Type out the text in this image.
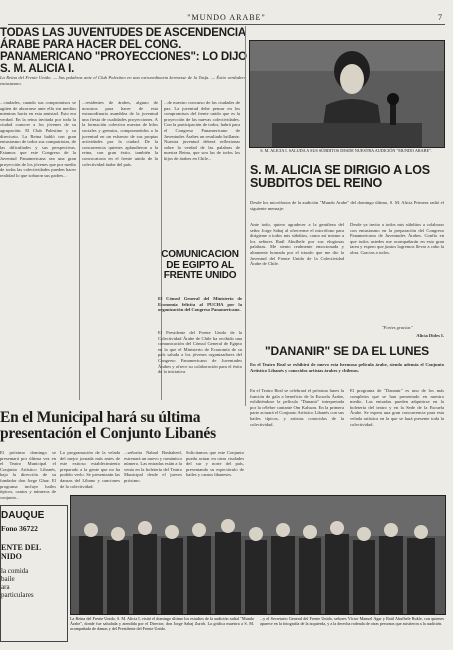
"MUNDO ARABE"	7
TODAS LAS JUVENTUDES DE ASCENDENCIA ÁRABE PARA HACER DEL CONG. PANAMERICANO "PROYECCIONES": LO DIJO S. M. ALICIA I.
La Reina del Frente Unido. — Sus palabras ante el Club Palestino en una extraordinaria kermesse de la Tasfa. — Éxito verdadero entusiasmo.
...ciudades, cuando sus compromisos se agiten de ahorrarse ante ella sin medios mientras hacía en esta amistad. Esto era verdad. En la reina invitada por toda la ciudad conocer a los jóvenes de su agrupación. El Club Palestino y su directorio. La Reina habló con gran entusiasmo de todos sus compatriotas, de las dificultades y sus perspectivas. Estamos que este Congreso de la Juventud Panamericana sea una gran proyección de los jóvenes que por medio de todas las colectividades pueden hacer realidad lo que soñaron sus padres...
...residentes de árabes, alguno de nosotros para hacer de esta extraordinaria asamblea de la juventud una fiesta de cualidades proyecciones. A la formación colectiva nuestra de hilos sociales y gremios, comprometidos a la juventud en un esfuerzo de sus propias actividades por la ciudad. De la concurrencia quienes aplaudieron a la reina, con gran éxito, también la convocatoria en el frente unido de la colectividad árabe del país.
...de nuestro concurso de las ciudades de paz. La juventud debe pensar en los compromisos del frente unido que es la proyección de las nuevas colectividades. Con la participación de todos, habrá para el Congreso Panamericano de Juventudes Árabes un resultado brillante. Nuestra juventud deberá reflexionar sobre la verdad de las palabras de nuestra Reina, que son las de todos los hijos de árabes en Chile...
S. M. ALICIA I. SALUDA A SUS SÚBDITOS DESDE NUESTRA AUDICIÓN "MUNDO ARABE".
S. M. ALICIA SE DIRIGIO A LOS SUBDITOS DEL REINO
Desde los micrófonos de la audición "Mundo Arabe" del domingo último, S. M. Alicia Primera radió el siguiente mensaje:
Ante todo, quiero agradecer a la gentileza del señor Jorge Sabaj al ofrecerme el micrófono para dirigirme a todos mis súbditos, como así mismo a los señores Raúl Abufhele por sus elogiosas palabras. Me siento realmente emocionada y altamente honrada por el triunfo que me dio la Juventud del Frente Unido de la Colectividad Árabe de Chile.
Desde ya invito a todos mis súbditos a colaborar con entusiasmo en la preparación del Congreso Panamericano de Juventudes Árabes. Confío en que todos ustedes me acompañarán en esta gran tarea y espero que juntos logremos llevar a cabo la obra. Gracias a todos.
"Fortes gracias"
Alicia Dides I.
COMUNICACION DE EGIPTO AL FRENTE UNIDO
El Cónsul General del Ministerio de Economía felicita al PUCHA por la organización del Congreso Panamericano.
El Presidente del Frente Unido de la Colectividad Árabe de Chile ha recibido una comunicación del Cónsul General de Egipto en la que el Ministerio de Economía de su país saluda a los jóvenes organizadores del Congreso Panamericano de Juventudes Árabes y ofrece su colaboración para el éxito de la iniciativa.
"DANANIR" SE DA EL LUNES
En el Teatro Real se exhibirá de nuevo esta hermosa película árabe, siendo además el Conjunto Artístico Libanés y conocidos artistas árabes y chilenos.
En el Teatro Real se celebrará el próximo lunes la función de gala a beneficio de la Escuela Árabe, exhibiéndose la película "Dananir" interpretada por la célebre cantante Om Kalsum. En la primera parte actuará el Conjunto Artístico Libanés con sus bailes típicos, y artistas conocidos de la colectividad.
El programa de "Dananir" es uno de los más completos que se han presentado en nuestro medio. Las entradas pueden adquirirse en la boletería del teatro y en la Sede de la Escuela Árabe. Se espera una gran concurrencia para esta velada artística en la que se hará presente toda la colectividad.
En el Municipal hará su última presentación el Conjunto Libanés
El próximo domingo se presentará por última vez en el Teatro Municipal el Conjunto Artístico Libanés, bajo la dirección de su fundador don Jorge Ghaz. El programa incluye bailes típicos, cantos y números de conjunto...
La programación de la velada del mejor jornada más antes de este exitoso establecimiento preparado a la gente que no ha podido verlo. Se presentarán las danzas del Líbano y canciones de la colectividad.
...señorita Nabad Bashaheel, estrenará un nuevo y romántico número. Las entradas están a la venta en la boletería del Teatro Municipal desde el jueves próximo.
Solicitamos que este Conjunto pueda actuar en otras ciudades del sur y norte del país, presentando su espectáculo de bailes y cantos libaneses.
DAUQUE
Fono 36722
ENTE DEL
NIDO
la comida
baile
ara
particulares
La Reina del Frente Unido, S. M. Alicia I, visitó el domingo último los estudios de la audición radial "Mundo Árabe", donde fue saludada y atendida por el Director, don Jorge Sabaj Zurob. La gráfica muestra a S. M. acompañada de damas y del Presidente del Frente Unido.
...y el Secretario General del Frente Unido, señores Víctor Manuel Agar y Raúl Abufhele Bukle, con quienes aparece en la fotografía de la izquierda, y a la derecha rodeada de otras personas que asistieron a la audición.
